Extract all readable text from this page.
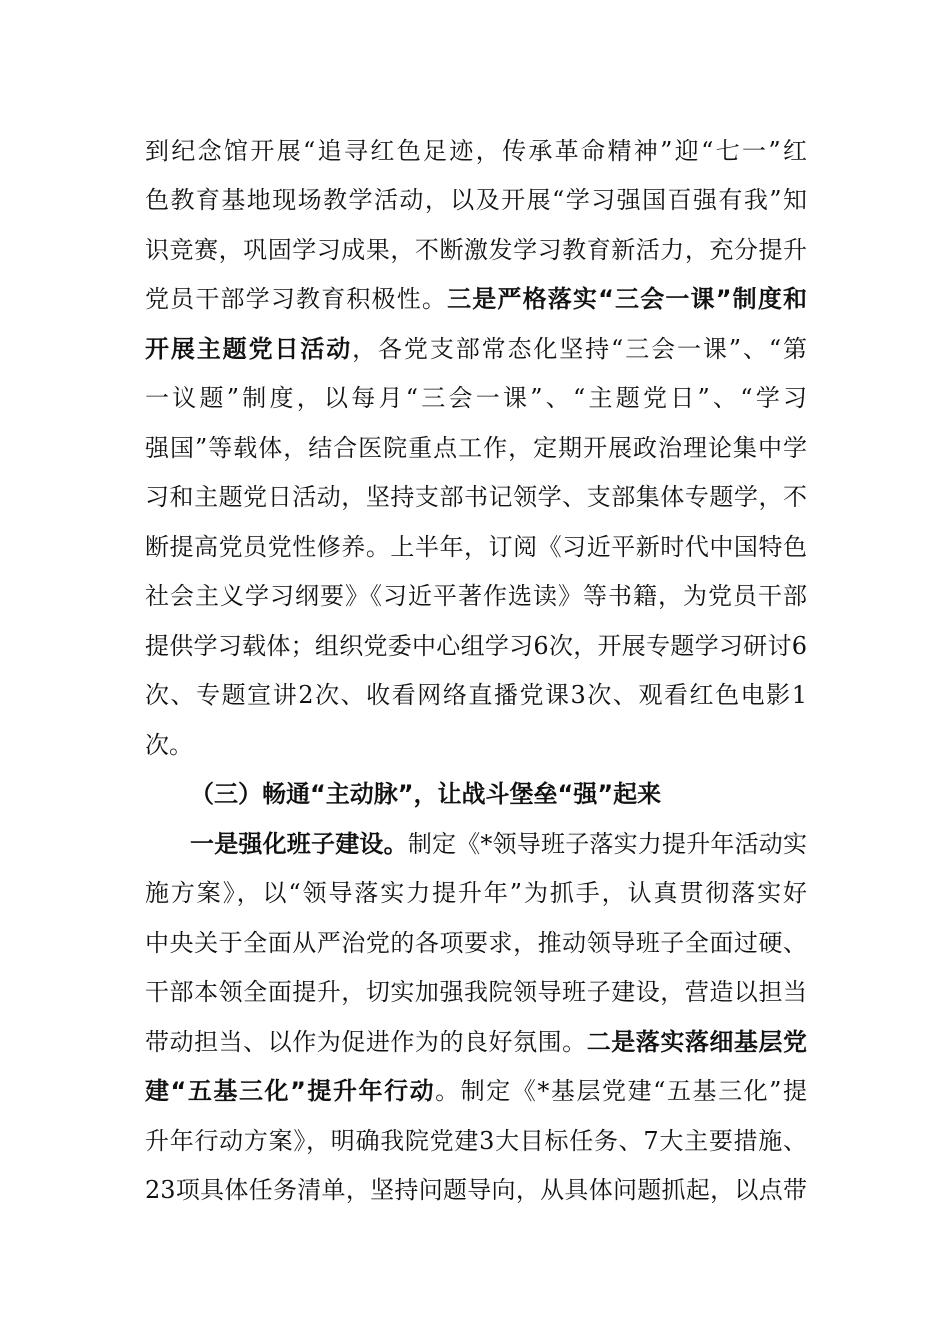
到纪念馆开展“追寻红色足迹，传承革命精神”迎“七一”红
色教育基地现场教学活动，以及开展“学习强国百强有我”知
识竞赛，巩固学习成果，不断激发学习教育新活力，充分提升
党员干部学习教育积极性。三是严格落实“三会一课”制度和
开展主题党日活动，各党支部常态化坚持“三会一课”、“第
一议题”制度，以每月“三会一课”、“主题党日”、“学习
强国”等载体，结合医院重点工作，定期开展政治理论集中学
习和主题党日活动，坚持支部书记领学、支部集体专题学，不
断提高党员党性修养。上半年，订阅《习近平新时代中国特色
社会主义学习纲要》《习近平著作选读》等书籍，为党员干部
提供学习载体；组织党委中心组学习6次，开展专题学习研讨6
次、专题宣讲2次、收看网络直播党课3次、观看红色电影1
次。
（三）畅通“主动脉”，让战斗堡垒“强”起来
一是强化班子建设。制定《*领导班子落实力提升年活动实
施方案》，以“领导落实力提升年”为抓手，认真贯彻落实好
中央关于全面从严治党的各项要求，推动领导班子全面过硬、
干部本领全面提升，切实加强我院领导班子建设，营造以担当
带动担当、以作为促进作为的良好氛围。二是落实落细基层党
建“五基三化”提升年行动。制定《*基层党建“五基三化”提
升年行动方案》，明确我院党建3大目标任务、7大主要措施、
23项具体任务清单，坚持问题导向，从具体问题抓起，以点带
